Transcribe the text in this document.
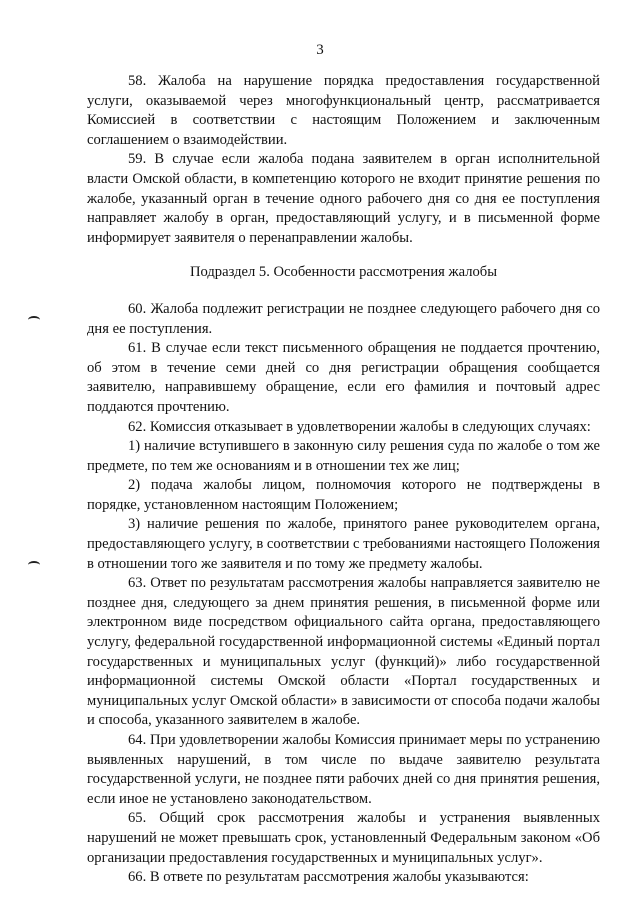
3

58. Жалоба на нарушение порядка предоставления государственной услуги, оказываемой через многофункциональный центр, рассматривается Комиссией в соответствии с настоящим Положением и заключенным соглашением о взаимодействии.

59. В случае если жалоба подана заявителем в орган исполнительной власти Омской области, в компетенцию которого не входит принятие решения по жалобе, указанный орган в течение одного рабочего дня со дня ее поступления направляет жалобу в орган, предоставляющий услугу, и в письменной форме информирует заявителя о перенаправлении жалобы.

Подраздел 5. Особенности рассмотрения жалобы

60. Жалоба подлежит регистрации не позднее следующего рабочего дня со дня ее поступления.

61. В случае если текст письменного обращения не поддается прочтению, об этом в течение семи дней со дня регистрации обращения сообщается заявителю, направившему обращение, если его фамилия и почтовый адрес поддаются прочтению.

62. Комиссия отказывает в удовлетворении жалобы в следующих случаях:

1) наличие вступившего в законную силу решения суда по жалобе о том же предмете, по тем же основаниям и в отношении тех же лиц;

2) подача жалобы лицом, полномочия которого не подтверждены в порядке, установленном настоящим Положением;

3) наличие решения по жалобе, принятого ранее руководителем органа, предоставляющего услугу, в соответствии с требованиями настоящего Положения в отношении того же заявителя и по тому же предмету жалобы.

63. Ответ по результатам рассмотрения жалобы направляется заявителю не позднее дня, следующего за днем принятия решения, в письменной форме или электронном виде посредством официального сайта органа, предоставляющего услугу, федеральной государственной информационной системы «Единый портал государственных и муниципальных услуг (функций)» либо государственной информационной системы Омской области «Портал государственных и муниципальных услуг Омской области» в зависимости от способа подачи жалобы и способа, указанного заявителем в жалобе.

64. При удовлетворении жалобы Комиссия принимает меры по устранению выявленных нарушений, в том числе по выдаче заявителю результата государственной услуги, не позднее пяти рабочих дней со дня принятия решения, если иное не установлено законодательством.

65. Общий срок рассмотрения жалобы и устранения выявленных нарушений не может превышать срок, установленный Федеральным законом «Об организации предоставления государственных и муниципальных услуг».

66. В ответе по результатам рассмотрения жалобы указываются:
